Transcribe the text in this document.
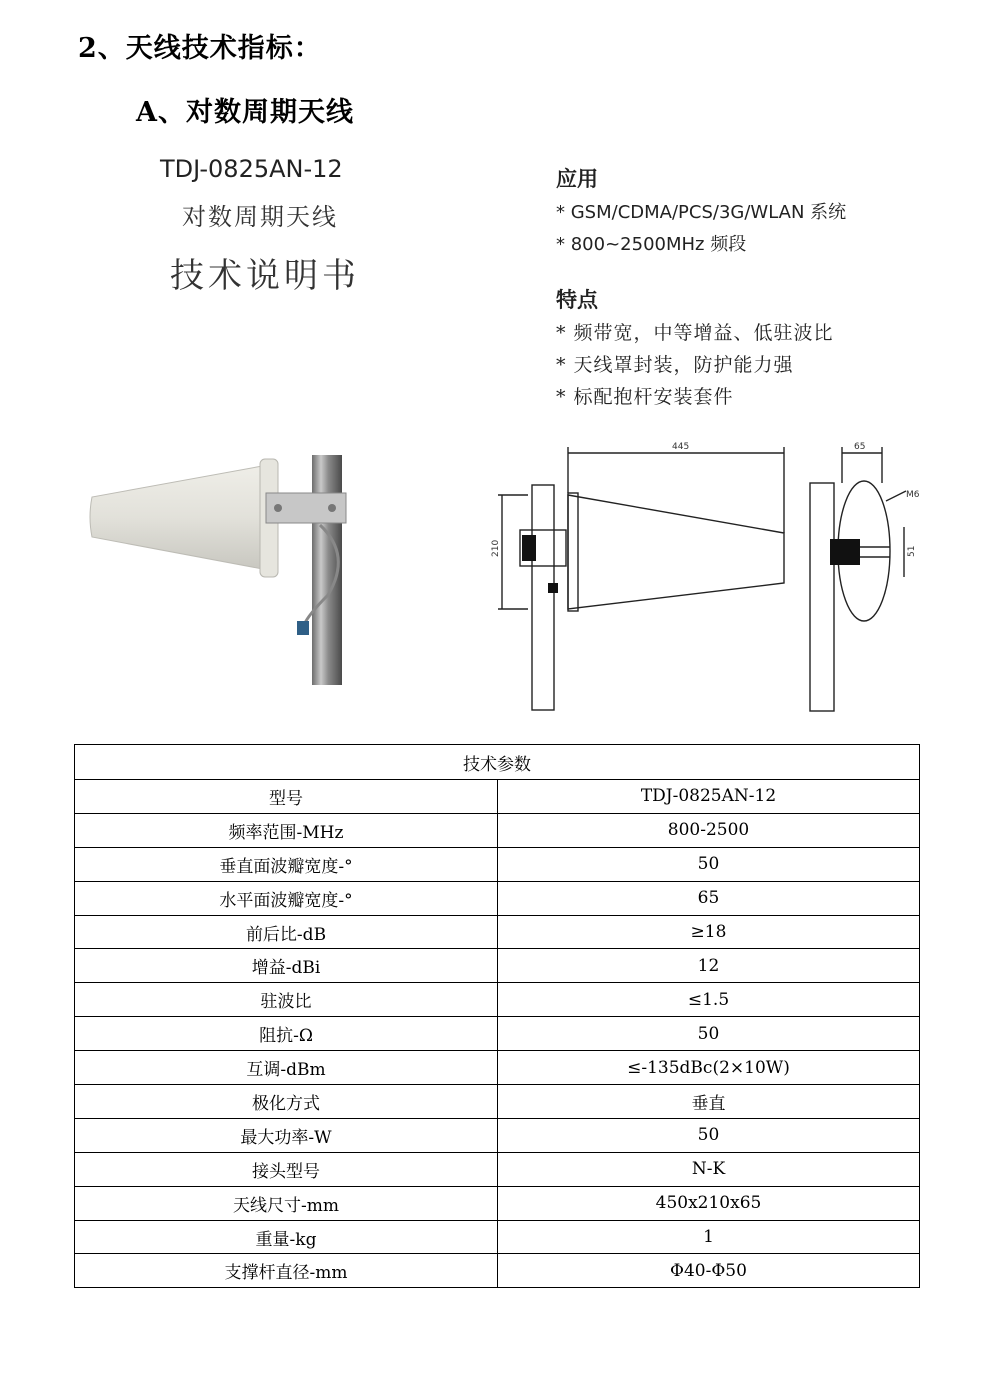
2、天线技术指标：
A、对数周期天线
TDJ-0825AN-12
对数周期天线
技术说明书
应用
* GSM/CDMA/PCS/3G/WLAN 系统
* 800~2500MHz 频段
特点
* 频带宽，中等增益、低驻波比
* 天线罩封装，防护能力强
* 标配抱杆安装套件
445
210
65
M6
51
技术参数	
型号	TDJ-0825AN-12
频率范围-MHz	800-2500
垂直面波瓣宽度-°	50
水平面波瓣宽度-°	65
前后比-dB	≥18
增益-dBi	12
驻波比	≤1.5
阻抗-Ω	50
互调-dBm	≤-135dBc(2×10W)
极化方式	垂直
最大功率-W	50
接头型号	N-K
天线尺寸-mm	450x210x65
重量-kg	1
支撑杆直径-mm	Φ40-Φ50
